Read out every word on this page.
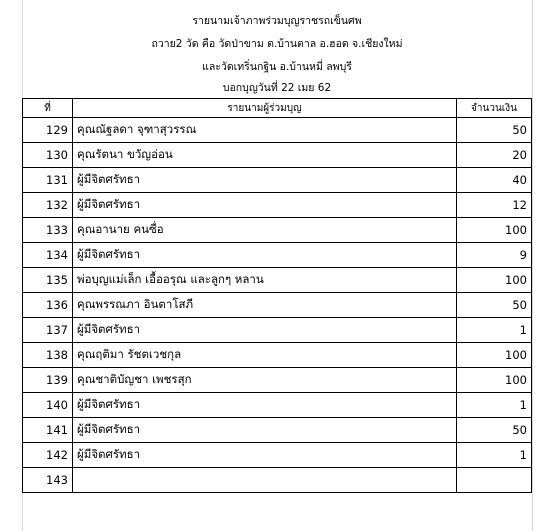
รายนามเจ้าภาพร่วมบุญราชรถเข็นศพ
ถวาย2 วัด คือ วัดป่าขาม ต.บ้านตาล อ.ฮอด จ.เชียงใหม่
และวัดเทริ่นกฐิน อ.บ้านหมี่ ลพบุรี
บอกบุญวันที่ 22 เมย 62
ที่	รายนามผู้ร่วมบุญ	จำนวนเงิน
129	คุณณัฐลดา จุฑาสุวรรณ	50
130	คุณรัตนา ขวัญอ่อน	20
131	ผู้มีจิตศรัทธา	40
132	ผู้มีจิตศรัทธา	12
133	คุณอานาย คนซื่อ	100
134	ผู้มีจิตศรัทธา	9
135	พ่อบุญแม่เล็ก เอื้ออรุณ และลูกๆ หลาน	100
136	คุณพรรณภา อินตาโสภี	50
137	ผู้มีจิตศรัทธา	1
138	คุณฤติมา รัชตเวชกุล	100
139	คุณชาติบัญชา เพชรสุก	100
140	ผู้มีจิตศรัทธา	1
141	ผู้มีจิตศรัทธา	50
142	ผู้มีจิตศรัทธา	1
143		
